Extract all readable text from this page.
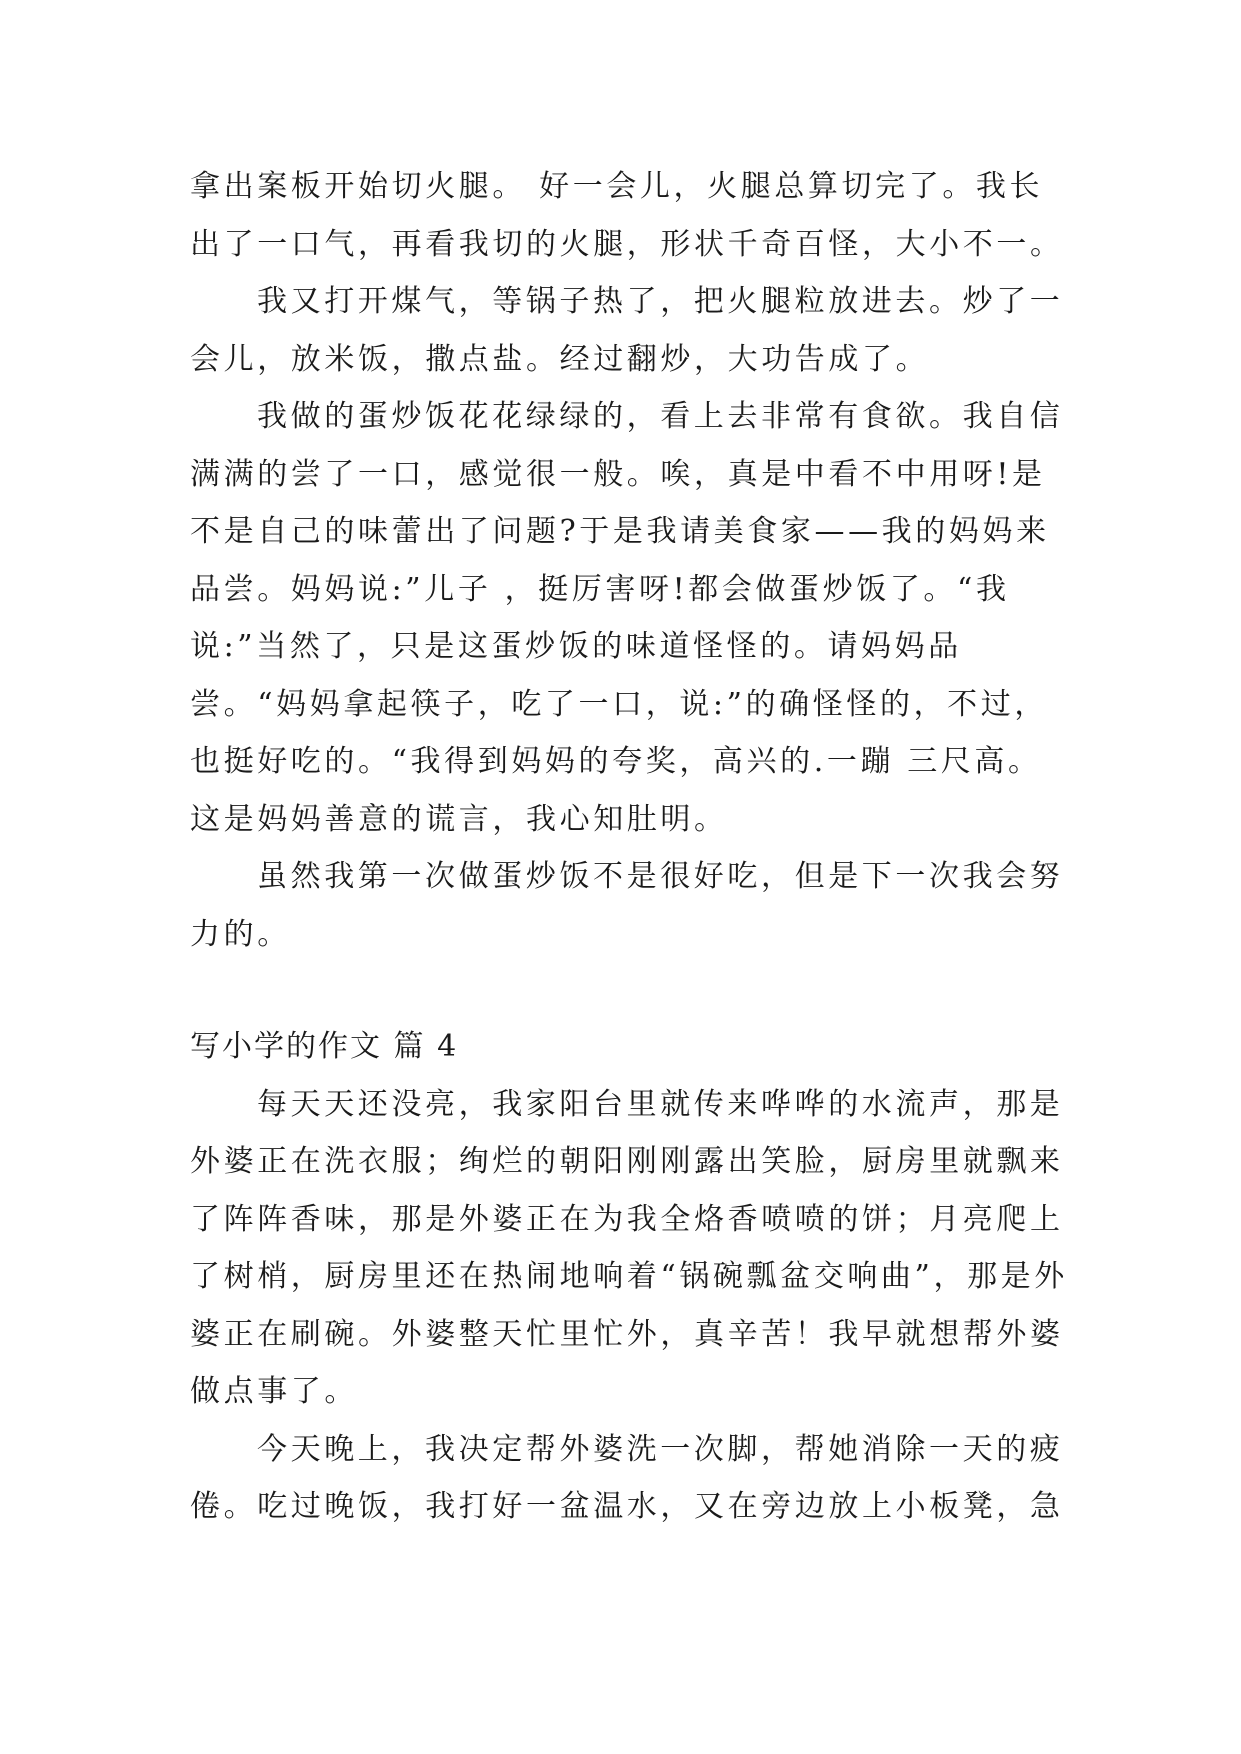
拿出案板开始切火腿。 好一会儿，火腿总算切完了。我长出了一口气，再看我切的火腿，形状千奇百怪，大小不一。

我又打开煤气，等锅子热了，把火腿粒放进去。炒了一会儿，放米饭，撒点盐。经过翻炒，大功告成了。

我做的蛋炒饭花花绿绿的，看上去非常有食欲。我自信满满的尝了一口，感觉很一般。唉，真是中看不中用呀!是不是自己的味蕾出了问题?于是我请美食家——我的妈妈来品尝。妈妈说:”儿子 ，挺厉害呀!都会做蛋炒饭了。“我说:”当然了，只是这蛋炒饭的味道怪怪的。请妈妈品尝。“妈妈拿起筷子，吃了一口，说:”的确怪怪的，不过，也挺好吃的。“我得到妈妈的夸奖，高兴的.一蹦 三尺高。这是妈妈善意的谎言，我心知肚明。

虽然我第一次做蛋炒饭不是很好吃，但是下一次我会努力的。

写小学的作文 篇 4

每天天还没亮，我家阳台里就传来哗哗的水流声，那是外婆正在洗衣服；绚烂的朝阳刚刚露出笑脸，厨房里就飘来了阵阵香味，那是外婆正在为我全烙香喷喷的饼；月亮爬上了树梢，厨房里还在热闹地响着“锅碗瓢盆交响曲”，那是外婆正在刷碗。外婆整天忙里忙外，真辛苦！我早就想帮外婆做点事了。

今天晚上，我决定帮外婆洗一次脚，帮她消除一天的疲倦。吃过晚饭，我打好一盆温水，又在旁边放上小板凳，急
